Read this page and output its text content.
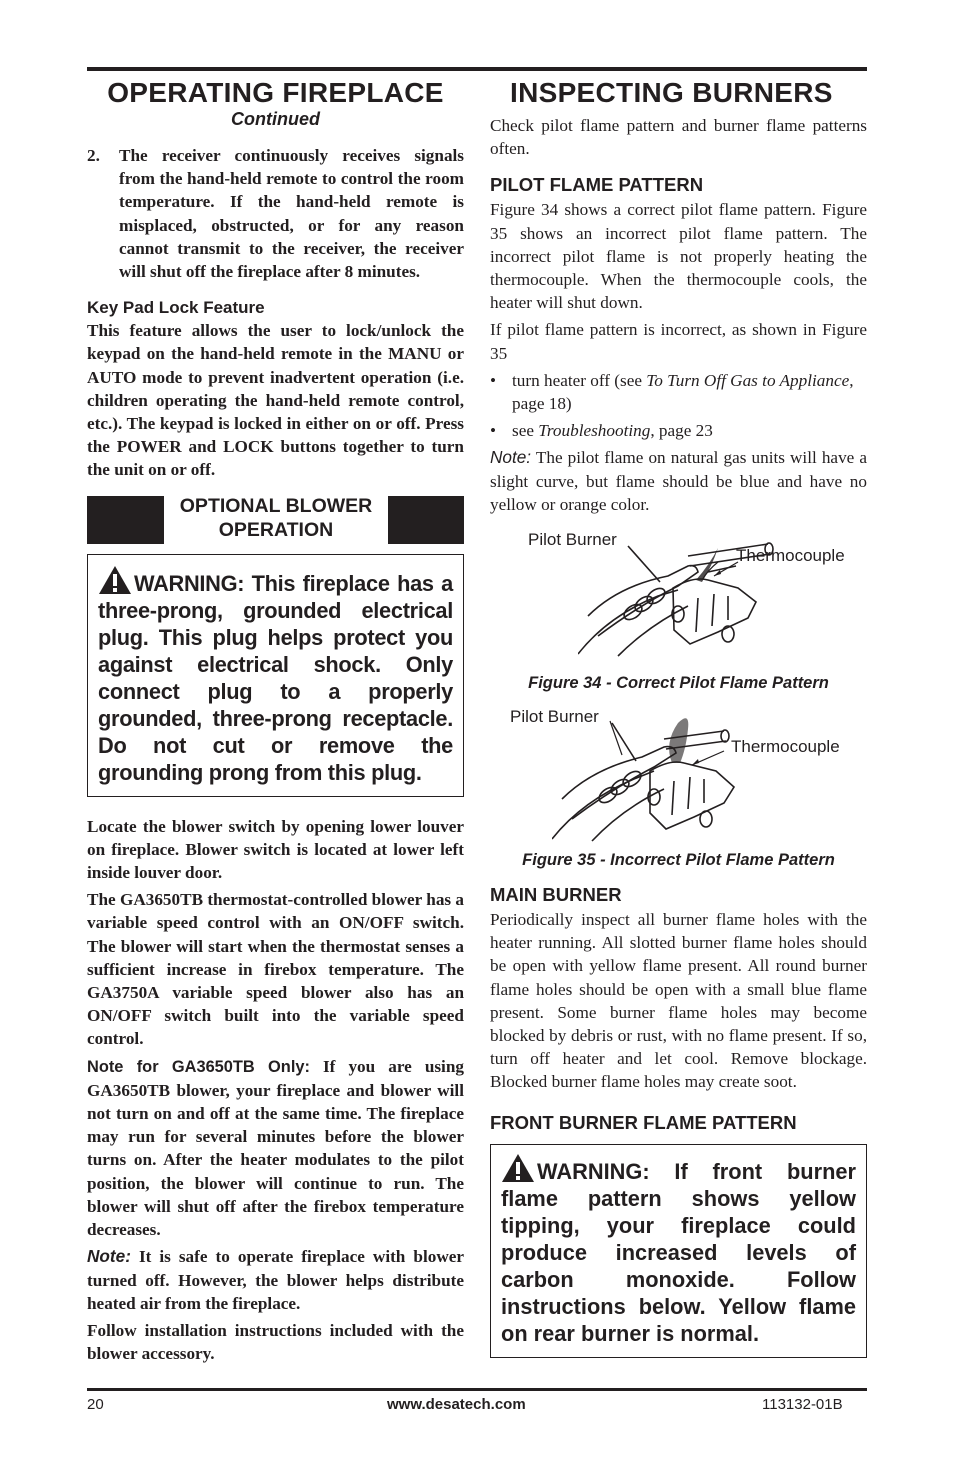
OPERATING FIREPLACE
Continued
2.	The receiver continuously receives signals from the hand-held remote to control the room temperature. If the hand-held remote is misplaced, obstructed, or for any reason cannot transmit to the receiver, the receiver will shut off the fireplace after 8 minutes.
Key Pad Lock Feature
This feature allows the user to lock/unlock the keypad on the hand-held remote in the MANU or AUTO mode to prevent inadvertent operation (i.e. children operating the hand-held remote control, etc.). The keypad is locked in either on or off. Press the POWER and LOCK buttons together to turn the unit on or off.
OPTIONAL BLOWER
OPERATION
WARNING: This fireplace has a three-prong, grounded electrical plug. This plug helps protect you against electrical shock. Only connect plug to a properly grounded, three-prong receptacle. Do not cut or remove the grounding prong from this plug.
Locate the blower switch by opening lower louver on fireplace. Blower switch is located at lower left inside louver door.
The GA3650TB thermostat-controlled blower has a variable speed control with an ON/OFF switch. The blower will start when the thermostat senses a sufficient increase in firebox temperature. The GA3750A variable speed blower also has an ON/OFF switch built into the variable speed control.
Note for GA3650TB Only: If you are using GA3650TB blower, your fireplace and blower will not turn on and off at the same time. The fireplace may run for several minutes before the blower turns on. After the heater modulates to the pilot position, the blower will continue to run. The blower will shut off after the firebox temperature decreases.
Note: It is safe to operate fireplace with blower turned off. However, the blower helps distribute heated air from the fireplace.
Follow installation instructions included with the blower accessory.
INSPECTING BURNERS
Check pilot flame pattern and burner flame patterns often.
PILOT FLAME PATTERN
Figure 34 shows a correct pilot flame pattern. Figure 35 shows an incorrect pilot flame pattern. The incorrect pilot flame is not properly heating the thermocouple. When the thermocouple cools, the heater will shut down.
If pilot flame pattern is incorrect, as shown in Figure 35
• turn heater off (see To Turn Off Gas to Appliance, page 18)
• see Troubleshooting, page 23
Note: The pilot flame on natural gas units will have a slight curve, but flame should be blue and have no yellow or orange color.
Pilot Burner
Thermocouple
Figure 34 - Correct Pilot Flame Pattern
Pilot Burner
Thermocouple
Figure 35 - Incorrect Pilot Flame Pattern
MAIN BURNER
Periodically inspect all burner flame holes with the heater running. All slotted burner flame holes should be open with yellow flame present. All round burner flame holes should be open with a small blue flame present. Some burner flame holes may become blocked by debris or rust, with no flame present. If so, turn off heater and let cool. Remove blockage. Blocked burner flame holes may create soot.
FRONT BURNER FLAME PATTERN
WARNING: If front burner flame pattern shows yellow tipping, your fireplace could produce increased levels of carbon monoxide. Follow instructions below. Yellow flame on rear burner is normal.
20	www.desatech.com	113132-01B
